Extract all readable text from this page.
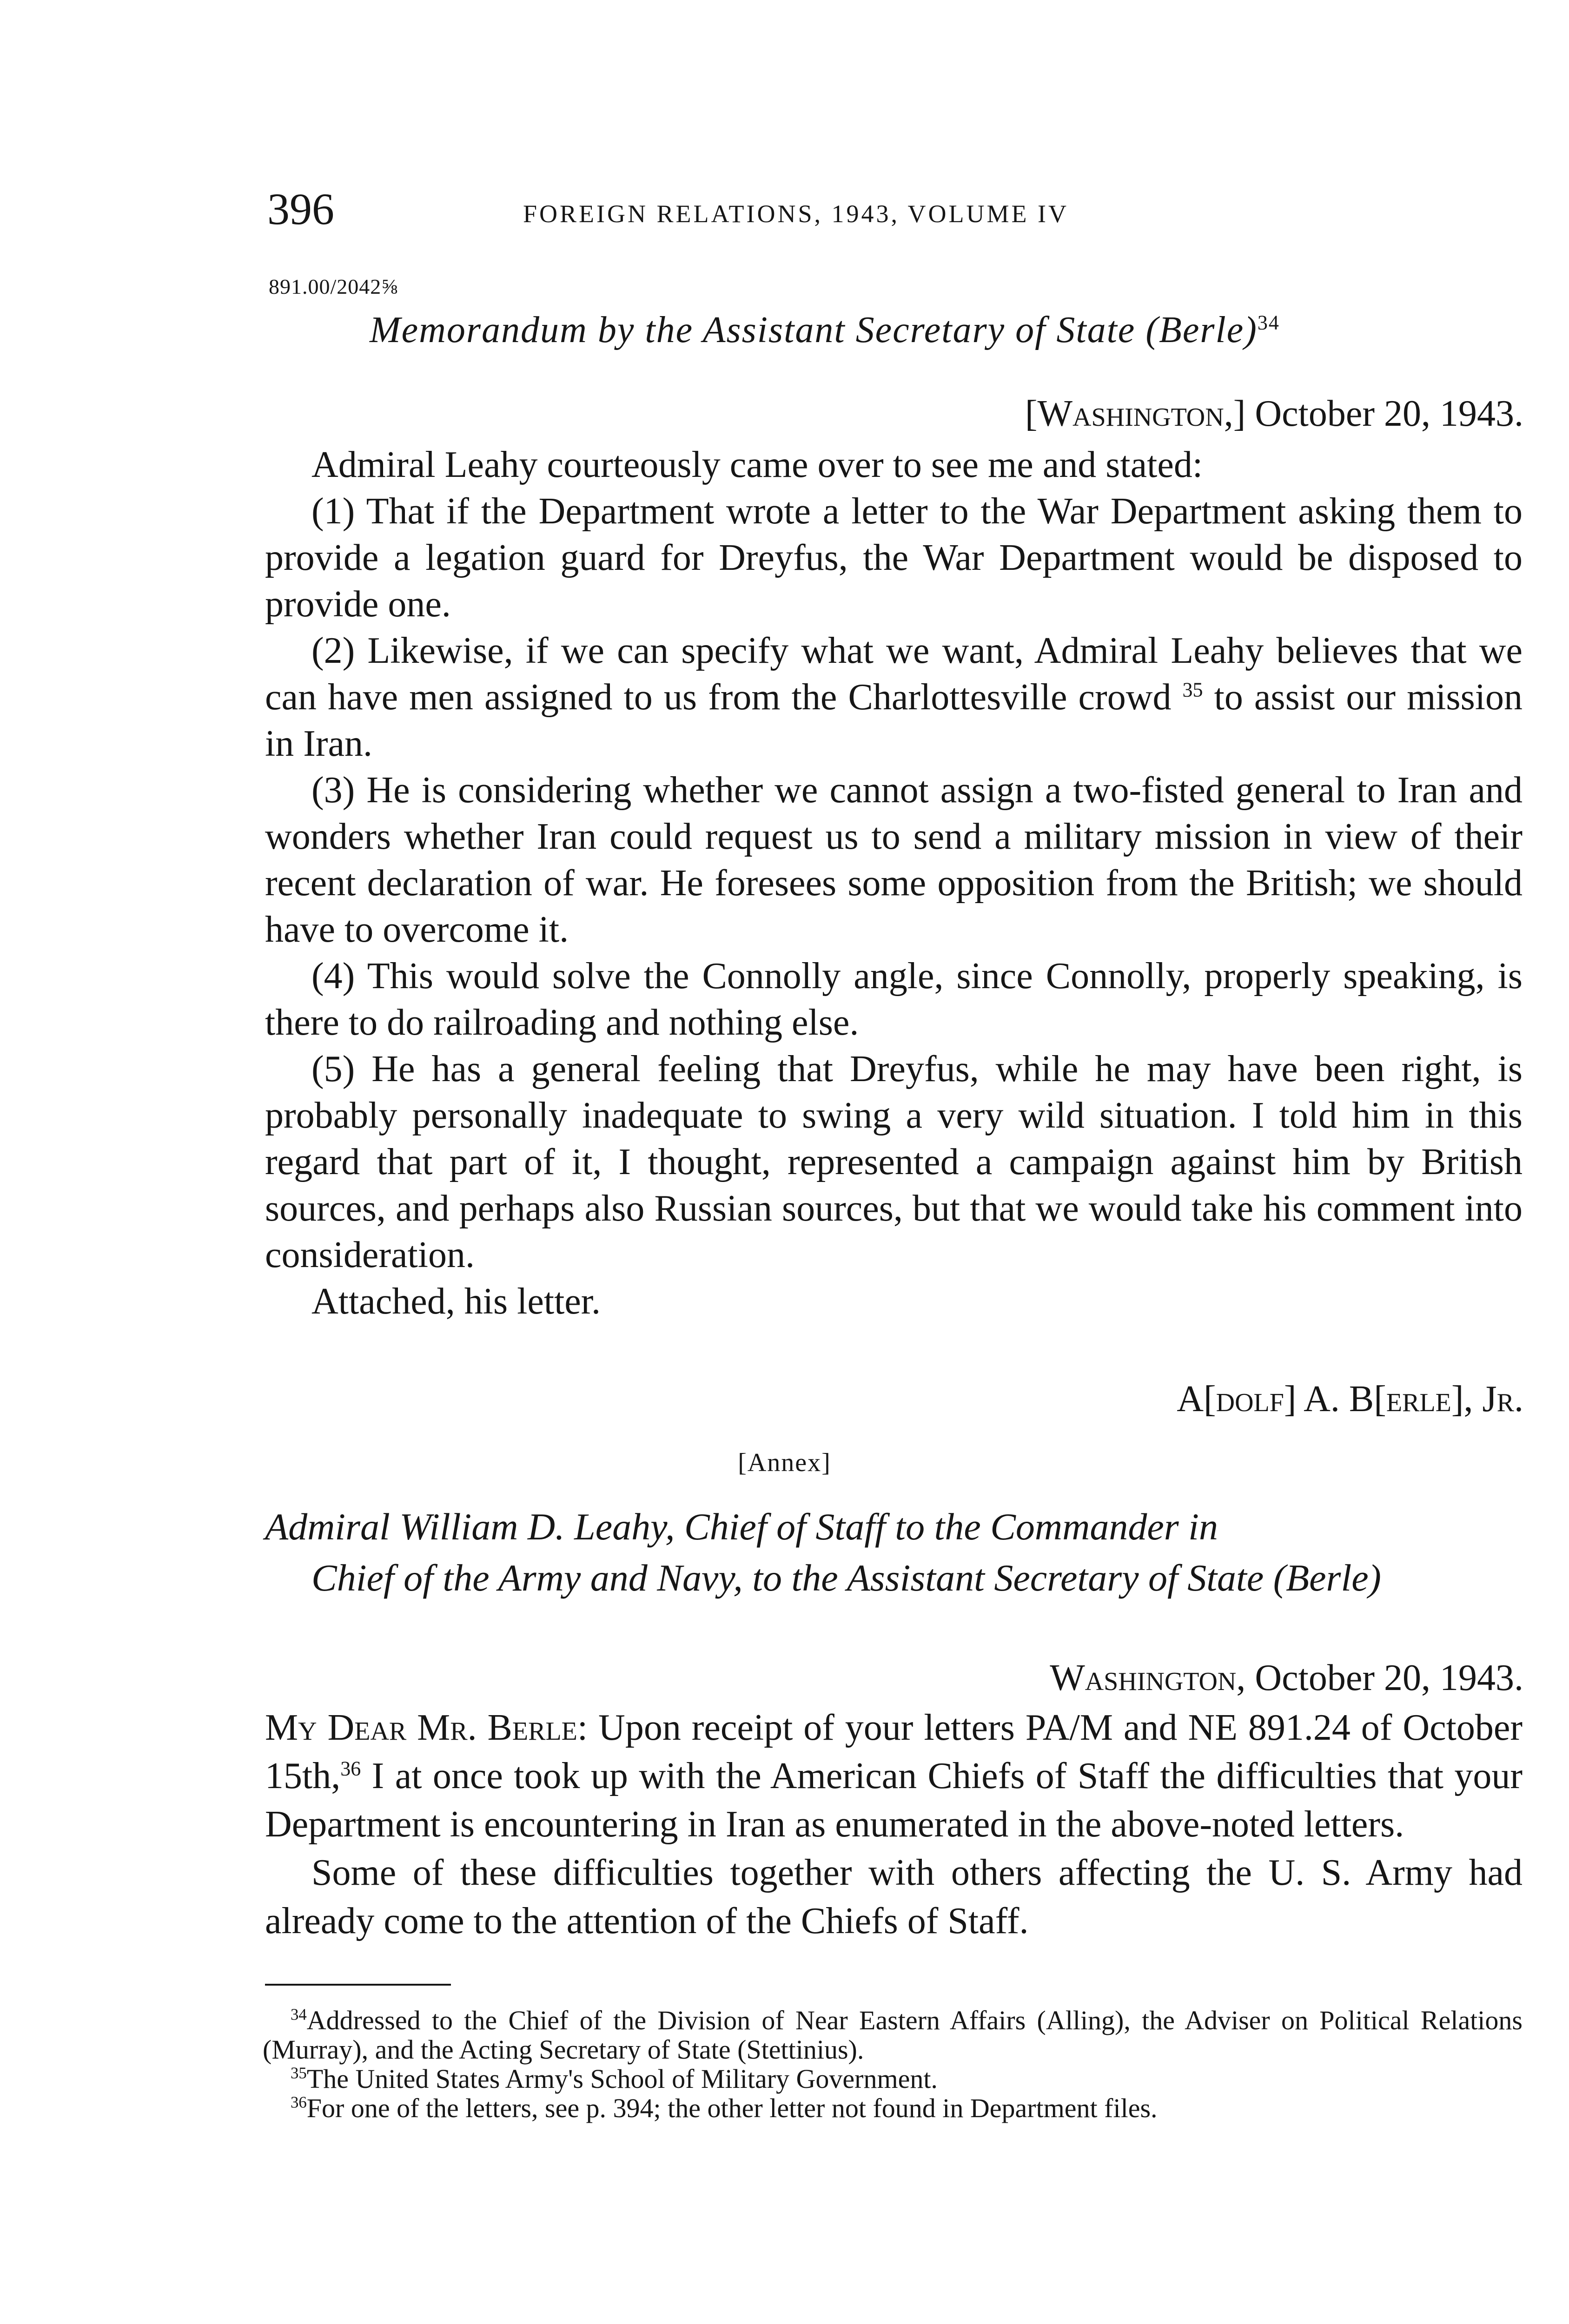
396	FOREIGN RELATIONS, 1943, VOLUME IV
891.00/2042⅝
Memorandum by the Assistant Secretary of State (Berle)$^{34}$
[Washington,] October 20, 1943.

Admiral Leahy courteously came over to see me and stated:

(1) That if the Department wrote a letter to the War Department asking them to provide a legation guard for Dreyfus, the War Department would be disposed to provide one.

(2) Likewise, if we can specify what we want, Admiral Leahy believes that we can have men assigned to us from the Charlottesville crowd $^{35}$ to assist our mission in Iran.

(3) He is considering whether we cannot assign a two-fisted general to Iran and wonders whether Iran could request us to send a military mission in view of their recent declaration of war. He foresees some opposition from the British; we should have to overcome it.

(4) This would solve the Connolly angle, since Connolly, properly speaking, is there to do railroading and nothing else.

(5) He has a general feeling that Dreyfus, while he may have been right, is probably personally inadequate to swing a very wild situation. I told him in this regard that part of it, I thought, represented a campaign against him by British sources, and perhaps also Russian sources, but that we would take his comment into consideration.

Attached, his letter.

A[dolf] A. B[erle], Jr.
[Annex]
Admiral William D. Leahy, Chief of Staff to the Commander in
Chief of the Army and Navy, to the Assistant Secretary of State (Berle)
Washington, October 20, 1943.

My Dear Mr. Berle: Upon receipt of your letters PA/M and NE 891.24 of October 15th,$^{36}$ I at once took up with the American Chiefs of Staff the difficulties that your Department is encountering in Iran as enumerated in the above-noted letters.

Some of these difficulties together with others affecting the U. S. Army had already come to the attention of the Chiefs of Staff.

$^{34}$Addressed to the Chief of the Division of Near Eastern Affairs (Alling), the Adviser on Political Relations (Murray), and the Acting Secretary of State (Stettinius).

$^{35}$The United States Army's School of Military Government.

$^{36}$For one of the letters, see p. 394; the other letter not found in Department files.
